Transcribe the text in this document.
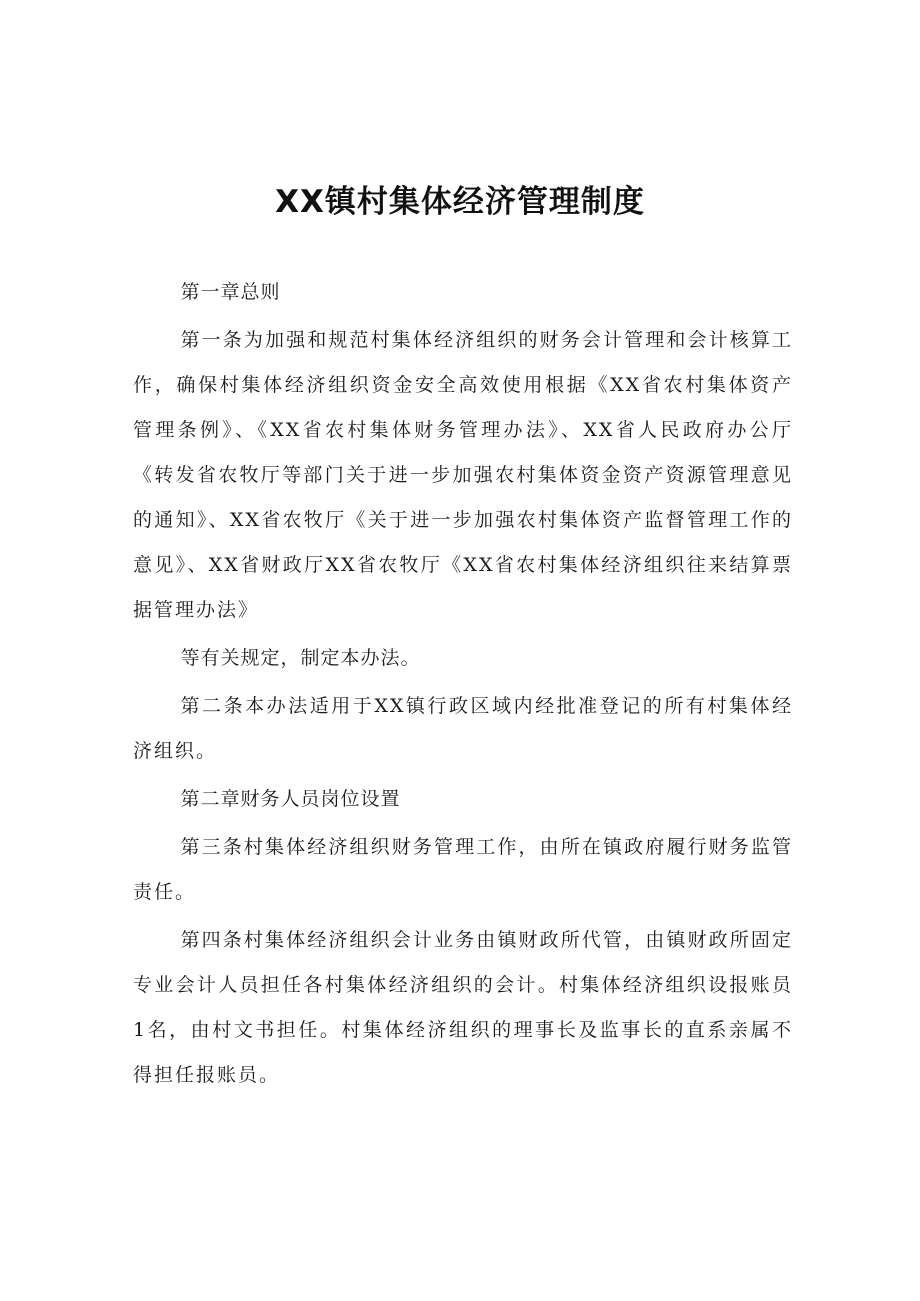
XX镇村集体经济管理制度

第一章总则

第一条为加强和规范村集体经济组织的财务会计管理和会计核算工作，确保村集体经济组织资金安全高效使用根据《XX省农村集体资产管理条例》、《XX省农村集体财务管理办法》、XX省人民政府办公厅《转发省农牧厅等部门关于进一步加强农村集体资金资产资源管理意见的通知》、XX省农牧厅《关于进一步加强农村集体资产监督管理工作的意见》、XX省财政厅XX省农牧厅《XX省农村集体经济组织往来结算票据管理办法》

等有关规定，制定本办法。

第二条本办法适用于XX镇行政区域内经批准登记的所有村集体经济组织。

第二章财务人员岗位设置

第三条村集体经济组织财务管理工作，由所在镇政府履行财务监管责任。

第四条村集体经济组织会计业务由镇财政所代管，由镇财政所固定专业会计人员担任各村集体经济组织的会计。村集体经济组织设报账员1名，由村文书担任。村集体经济组织的理事长及监事长的直系亲属不得担任报账员。
